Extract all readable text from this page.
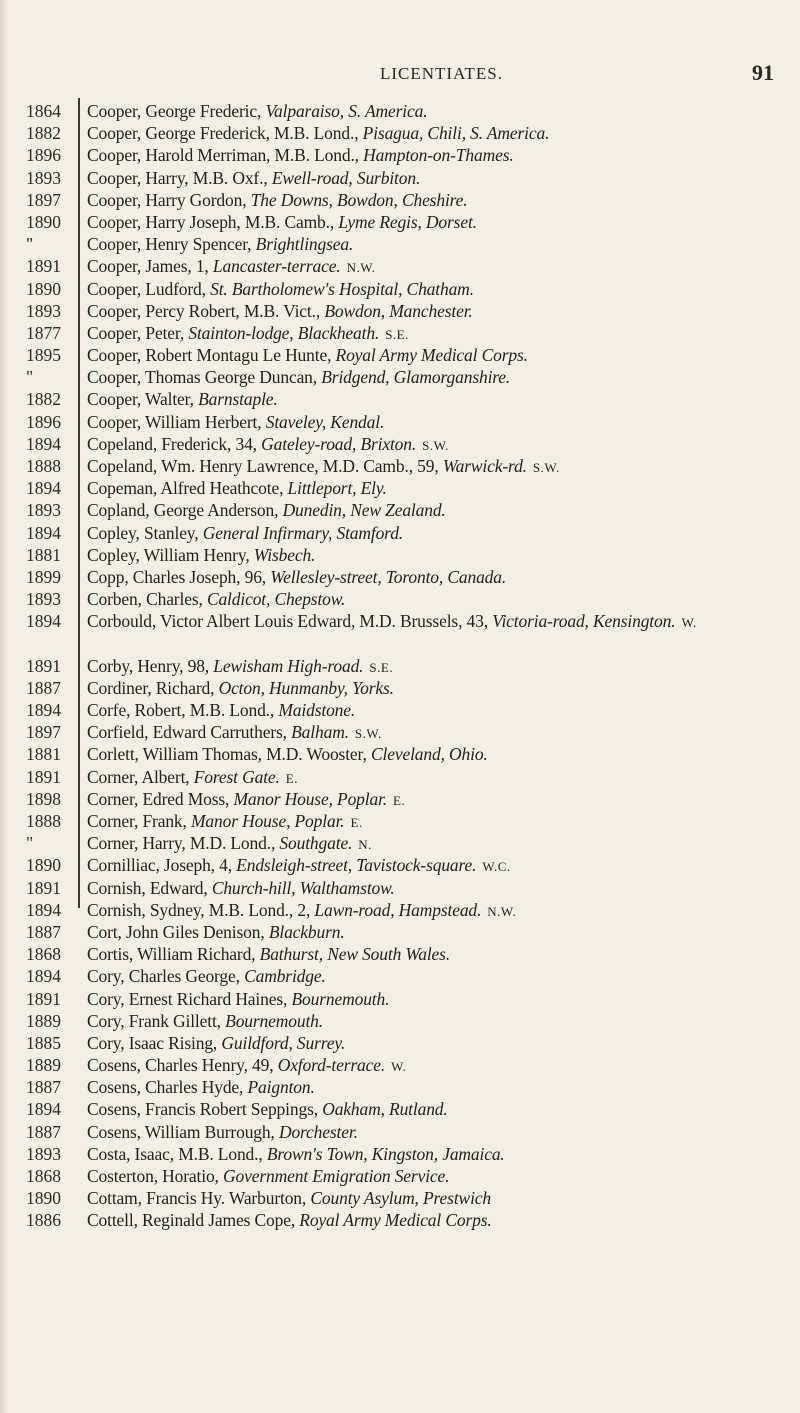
LICENTIATES.	91
1864	Cooper, George Frederic, Valparaiso, S. America.
1882	Cooper, George Frederick, M.B. Lond., Pisagua, Chili, S. America.
1896	Cooper, Harold Merriman, M.B. Lond., Hampton-on-Thames.
1893	Cooper, Harry, M.B. Oxf., Ewell-road, Surbiton.
1897	Cooper, Harry Gordon, The Downs, Bowdon, Cheshire.
1890	Cooper, Harry Joseph, M.B. Camb., Lyme Regis, Dorset.
"	Cooper, Henry Spencer, Brightlingsea.
1891	Cooper, James, 1, Lancaster-terrace. N.W.
1890	Cooper, Ludford, St. Bartholomew's Hospital, Chatham.
1893	Cooper, Percy Robert, M.B. Vict., Bowdon, Manchester.
1877	Cooper, Peter, Stainton-lodge, Blackheath. S.E.
1895	Cooper, Robert Montagu Le Hunte, Royal Army Medical Corps.
"	Cooper, Thomas George Duncan, Bridgend, Glamorganshire.
1882	Cooper, Walter, Barnstaple.
1896	Cooper, William Herbert, Staveley, Kendal.
1894	Copeland, Frederick, 34, Gateley-road, Brixton. S.W.
1888	Copeland, Wm. Henry Lawrence, M.D. Camb., 59, Warwick-rd. S.W.
1894	Copeman, Alfred Heathcote, Littleport, Ely.
1893	Copland, George Anderson, Dunedin, New Zealand.
1894	Copley, Stanley, General Infirmary, Stamford.
1881	Copley, William Henry, Wisbech.
1899	Copp, Charles Joseph, 96, Wellesley-street, Toronto, Canada.
1893	Corben, Charles, Caldicot, Chepstow.
1894	Corbould, Victor Albert Louis Edward, M.D. Brussels, 43, Victoria-road, Kensington. W.
1891	Corby, Henry, 98, Lewisham High-road. S.E.
1887	Cordiner, Richard, Octon, Hunmanby, Yorks.
1894	Corfe, Robert, M.B. Lond., Maidstone.
1897	Corfield, Edward Carruthers, Balham. S.W.
1881	Corlett, William Thomas, M.D. Wooster, Cleveland, Ohio.
1891	Corner, Albert, Forest Gate. E.
1898	Corner, Edred Moss, Manor House, Poplar. E.
1888	Corner, Frank, Manor House, Poplar. E.
"	Corner, Harry, M.D. Lond., Southgate. N.
1890	Cornilliac, Joseph, 4, Endsleigh-street, Tavistock-square. W.C.
1891	Cornish, Edward, Church-hill, Walthamstow.
1894	Cornish, Sydney, M.B. Lond., 2, Lawn-road, Hampstead. N.W.
1887	Cort, John Giles Denison, Blackburn.
1868	Cortis, William Richard, Bathurst, New South Wales.
1894	Cory, Charles George, Cambridge.
1891	Cory, Ernest Richard Haines, Bournemouth.
1889	Cory, Frank Gillett, Bournemouth.
1885	Cory, Isaac Rising, Guildford, Surrey.
1889	Cosens, Charles Henry, 49, Oxford-terrace. W.
1887	Cosens, Charles Hyde, Paignton.
1894	Cosens, Francis Robert Seppings, Oakham, Rutland.
1887	Cosens, William Burrough, Dorchester.
1893	Costa, Isaac, M.B. Lond., Brown's Town, Kingston, Jamaica.
1868	Costerton, Horatio, Government Emigration Service.
1890	Cottam, Francis Hy. Warburton, County Asylum, Prestwich
1886	Cottell, Reginald James Cope, Royal Army Medical Corps.
